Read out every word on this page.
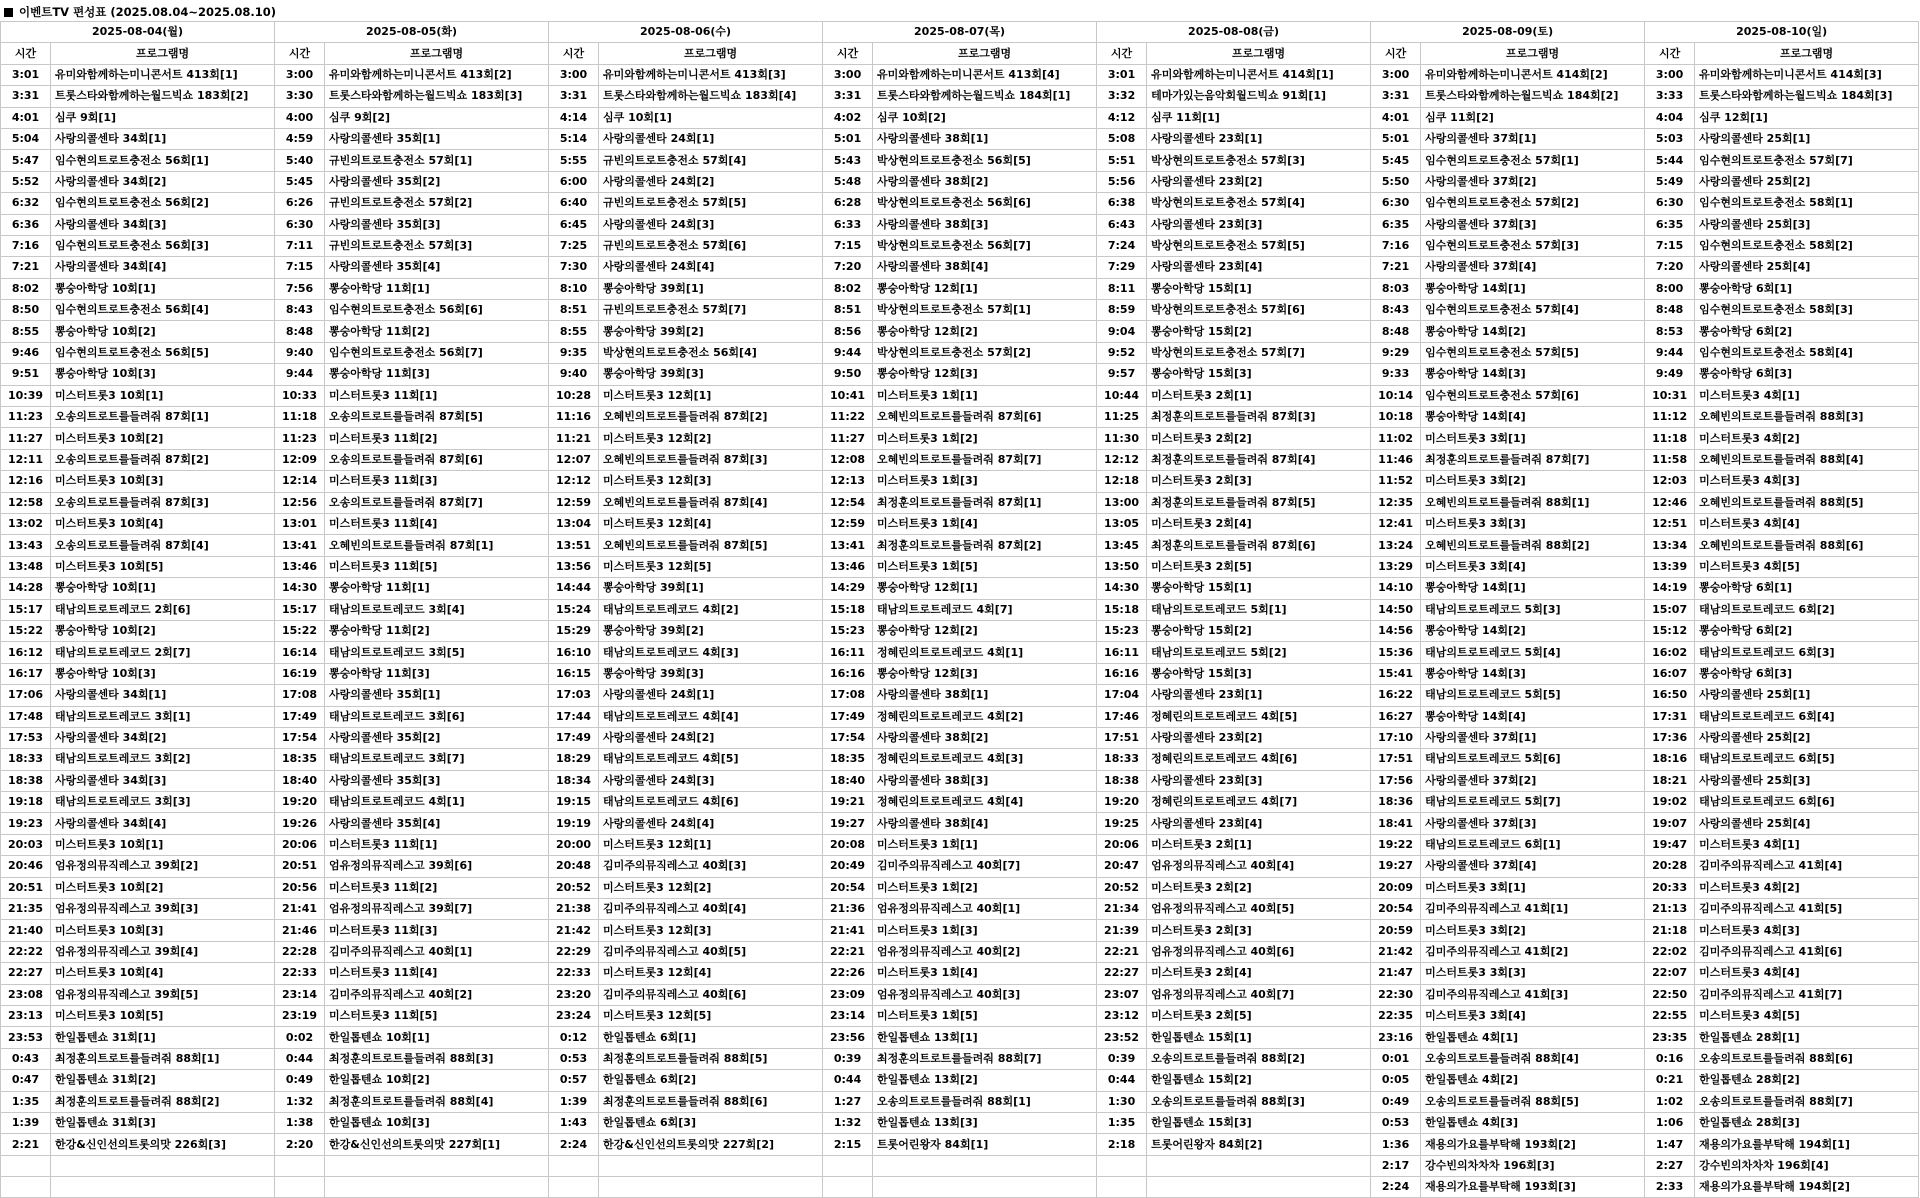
이벤트TV 편성표 (2025.08.04~2025.08.10)
2025-08-04(월)		2025-08-05(화)		2025-08-06(수)		2025-08-07(목)		2025-08-08(금)		2025-08-09(토)		2025-08-10(일)	
시간	프로그램명	시간	프로그램명	시간	프로그램명	시간	프로그램명	시간	프로그램명	시간	프로그램명	시간	프로그램명
3:01	유미와함께하는미니콘서트 413회[1]	3:00	유미와함께하는미니콘서트 413회[2]	3:00	유미와함께하는미니콘서트 413회[3]	3:00	유미와함께하는미니콘서트 413회[4]	3:01	유미와함께하는미니콘서트 414회[1]	3:00	유미와함께하는미니콘서트 414회[2]	3:00	유미와함께하는미니콘서트 414회[3]
3:31	트롯스타와함께하는월드빅쇼 183회[2]	3:30	트롯스타와함께하는월드빅쇼 183회[3]	3:31	트롯스타와함께하는월드빅쇼 183회[4]	3:31	트롯스타와함께하는월드빅쇼 184회[1]	3:32	테마가있는음악회월드빅쇼 91회[1]	3:31	트롯스타와함께하는월드빅쇼 184회[2]	3:33	트롯스타와함께하는월드빅쇼 184회[3]
4:01	심쿠 9회[1]	4:00	심쿠 9회[2]	4:14	심쿠 10회[1]	4:02	심쿠 10회[2]	4:12	심쿠 11회[1]	4:01	심쿠 11회[2]	4:04	심쿠 12회[1]
5:04	사랑의콜센타 34회[1]	4:59	사랑의콜센타 35회[1]	5:14	사랑의콜센타 24회[1]	5:01	사랑의콜센타 38회[1]	5:08	사랑의콜센타 23회[1]	5:01	사랑의콜센타 37회[1]	5:03	사랑의콜센타 25회[1]
5:47	임수현의트로트충전소 56회[1]	5:40	규빈의트로트충전소 57회[1]	5:55	규빈의트로트충전소 57회[4]	5:43	박상현의트로트충전소 56회[5]	5:51	박상현의트로트충전소 57회[3]	5:45	임수현의트로트충전소 57회[1]	5:44	임수현의트로트충전소 57회[7]
5:52	사랑의콜센타 34회[2]	5:45	사랑의콜센타 35회[2]	6:00	사랑의콜센타 24회[2]	5:48	사랑의콜센타 38회[2]	5:56	사랑의콜센타 23회[2]	5:50	사랑의콜센타 37회[2]	5:49	사랑의콜센타 25회[2]
6:32	임수현의트로트충전소 56회[2]	6:26	규빈의트로트충전소 57회[2]	6:40	규빈의트로트충전소 57회[5]	6:28	박상현의트로트충전소 56회[6]	6:38	박상현의트로트충전소 57회[4]	6:30	임수현의트로트충전소 57회[2]	6:30	임수현의트로트충전소 58회[1]
6:36	사랑의콜센타 34회[3]	6:30	사랑의콜센타 35회[3]	6:45	사랑의콜센타 24회[3]	6:33	사랑의콜센타 38회[3]	6:43	사랑의콜센타 23회[3]	6:35	사랑의콜센타 37회[3]	6:35	사랑의콜센타 25회[3]
7:16	임수현의트로트충전소 56회[3]	7:11	규빈의트로트충전소 57회[3]	7:25	규빈의트로트충전소 57회[6]	7:15	박상현의트로트충전소 56회[7]	7:24	박상현의트로트충전소 57회[5]	7:16	임수현의트로트충전소 57회[3]	7:15	임수현의트로트충전소 58회[2]
7:21	사랑의콜센타 34회[4]	7:15	사랑의콜센타 35회[4]	7:30	사랑의콜센타 24회[4]	7:20	사랑의콜센타 38회[4]	7:29	사랑의콜센타 23회[4]	7:21	사랑의콜센타 37회[4]	7:20	사랑의콜센타 25회[4]
8:02	뽕숭아학당 10회[1]	7:56	뽕숭아학당 11회[1]	8:10	뽕숭아학당 39회[1]	8:02	뽕숭아학당 12회[1]	8:11	뽕숭아학당 15회[1]	8:03	뽕숭아학당 14회[1]	8:00	뽕숭아학당 6회[1]
8:50	임수현의트로트충전소 56회[4]	8:43	임수현의트로트충전소 56회[6]	8:51	규빈의트로트충전소 57회[7]	8:51	박상현의트로트충전소 57회[1]	8:59	박상현의트로트충전소 57회[6]	8:43	임수현의트로트충전소 57회[4]	8:48	임수현의트로트충전소 58회[3]
8:55	뽕숭아학당 10회[2]	8:48	뽕숭아학당 11회[2]	8:55	뽕숭아학당 39회[2]	8:56	뽕숭아학당 12회[2]	9:04	뽕숭아학당 15회[2]	8:48	뽕숭아학당 14회[2]	8:53	뽕숭아학당 6회[2]
9:46	임수현의트로트충전소 56회[5]	9:40	임수현의트로트충전소 56회[7]	9:35	박상현의트로트충전소 56회[4]	9:44	박상현의트로트충전소 57회[2]	9:52	박상현의트로트충전소 57회[7]	9:29	임수현의트로트충전소 57회[5]	9:44	임수현의트로트충전소 58회[4]
9:51	뽕숭아학당 10회[3]	9:44	뽕숭아학당 11회[3]	9:40	뽕숭아학당 39회[3]	9:50	뽕숭아학당 12회[3]	9:57	뽕숭아학당 15회[3]	9:33	뽕숭아학당 14회[3]	9:49	뽕숭아학당 6회[3]
10:39	미스터트롯3 10회[1]	10:33	미스터트롯3 11회[1]	10:28	미스터트롯3 12회[1]	10:41	미스터트롯3 1회[1]	10:44	미스터트롯3 2회[1]	10:14	임수현의트로트충전소 57회[6]	10:31	미스터트롯3 4회[1]
11:23	오송의트로트를들려줘 87회[1]	11:18	오송의트로트를들려줘 87회[5]	11:16	오혜빈의트로트를들려줘 87회[2]	11:22	오혜빈의트로트를들려줘 87회[6]	11:25	최정훈의트로트를들려줘 87회[3]	10:18	뽕숭아학당 14회[4]	11:12	오혜빈의트로트를들려줘 88회[3]
11:27	미스터트롯3 10회[2]	11:23	미스터트롯3 11회[2]	11:21	미스터트롯3 12회[2]	11:27	미스터트롯3 1회[2]	11:30	미스터트롯3 2회[2]	11:02	미스터트롯3 3회[1]	11:18	미스터트롯3 4회[2]
12:11	오송의트로트를들려줘 87회[2]	12:09	오송의트로트를들려줘 87회[6]	12:07	오혜빈의트로트를들려줘 87회[3]	12:08	오혜빈의트로트를들려줘 87회[7]	12:12	최정훈의트로트를들려줘 87회[4]	11:46	최정훈의트로트를들려줘 87회[7]	11:58	오혜빈의트로트를들려줘 88회[4]
12:16	미스터트롯3 10회[3]	12:14	미스터트롯3 11회[3]	12:12	미스터트롯3 12회[3]	12:13	미스터트롯3 1회[3]	12:18	미스터트롯3 2회[3]	11:52	미스터트롯3 3회[2]	12:03	미스터트롯3 4회[3]
12:58	오송의트로트를들려줘 87회[3]	12:56	오송의트로트를들려줘 87회[7]	12:59	오혜빈의트로트를들려줘 87회[4]	12:54	최정훈의트로트를들려줘 87회[1]	13:00	최정훈의트로트를들려줘 87회[5]	12:35	오혜빈의트로트를들려줘 88회[1]	12:46	오혜빈의트로트를들려줘 88회[5]
13:02	미스터트롯3 10회[4]	13:01	미스터트롯3 11회[4]	13:04	미스터트롯3 12회[4]	12:59	미스터트롯3 1회[4]	13:05	미스터트롯3 2회[4]	12:41	미스터트롯3 3회[3]	12:51	미스터트롯3 4회[4]
13:43	오송의트로트를들려줘 87회[4]	13:41	오혜빈의트로트를들려줘 87회[1]	13:51	오혜빈의트로트를들려줘 87회[5]	13:41	최정훈의트로트를들려줘 87회[2]	13:45	최정훈의트로트를들려줘 87회[6]	13:24	오혜빈의트로트를들려줘 88회[2]	13:34	오혜빈의트로트를들려줘 88회[6]
13:48	미스터트롯3 10회[5]	13:46	미스터트롯3 11회[5]	13:56	미스터트롯3 12회[5]	13:46	미스터트롯3 1회[5]	13:50	미스터트롯3 2회[5]	13:29	미스터트롯3 3회[4]	13:39	미스터트롯3 4회[5]
14:28	뽕숭아학당 10회[1]	14:30	뽕숭아학당 11회[1]	14:44	뽕숭아학당 39회[1]	14:29	뽕숭아학당 12회[1]	14:30	뽕숭아학당 15회[1]	14:10	뽕숭아학당 14회[1]	14:19	뽕숭아학당 6회[1]
15:17	태남의트로트레코드 2회[6]	15:17	태남의트로트레코드 3회[4]	15:24	태남의트로트레코드 4회[2]	15:18	태남의트로트레코드 4회[7]	15:18	태남의트로트레코드 5회[1]	14:50	태남의트로트레코드 5회[3]	15:07	태남의트로트레코드 6회[2]
15:22	뽕숭아학당 10회[2]	15:22	뽕숭아학당 11회[2]	15:29	뽕숭아학당 39회[2]	15:23	뽕숭아학당 12회[2]	15:23	뽕숭아학당 15회[2]	14:56	뽕숭아학당 14회[2]	15:12	뽕숭아학당 6회[2]
16:12	태남의트로트레코드 2회[7]	16:14	태남의트로트레코드 3회[5]	16:10	태남의트로트레코드 4회[3]	16:11	정혜린의트로트레코드 4회[1]	16:11	태남의트로트레코드 5회[2]	15:36	태남의트로트레코드 5회[4]	16:02	태남의트로트레코드 6회[3]
16:17	뽕숭아학당 10회[3]	16:19	뽕숭아학당 11회[3]	16:15	뽕숭아학당 39회[3]	16:16	뽕숭아학당 12회[3]	16:16	뽕숭아학당 15회[3]	15:41	뽕숭아학당 14회[3]	16:07	뽕숭아학당 6회[3]
17:06	사랑의콜센타 34회[1]	17:08	사랑의콜센타 35회[1]	17:03	사랑의콜센타 24회[1]	17:08	사랑의콜센타 38회[1]	17:04	사랑의콜센타 23회[1]	16:22	태남의트로트레코드 5회[5]	16:50	사랑의콜센타 25회[1]
17:48	태남의트로트레코드 3회[1]	17:49	태남의트로트레코드 3회[6]	17:44	태남의트로트레코드 4회[4]	17:49	정혜린의트로트레코드 4회[2]	17:46	정혜린의트로트레코드 4회[5]	16:27	뽕숭아학당 14회[4]	17:31	태남의트로트레코드 6회[4]
17:53	사랑의콜센타 34회[2]	17:54	사랑의콜센타 35회[2]	17:49	사랑의콜센타 24회[2]	17:54	사랑의콜센타 38회[2]	17:51	사랑의콜센타 23회[2]	17:10	사랑의콜센타 37회[1]	17:36	사랑의콜센타 25회[2]
18:33	태남의트로트레코드 3회[2]	18:35	태남의트로트레코드 3회[7]	18:29	태남의트로트레코드 4회[5]	18:35	정혜린의트로트레코드 4회[3]	18:33	정혜린의트로트레코드 4회[6]	17:51	태남의트로트레코드 5회[6]	18:16	태남의트로트레코드 6회[5]
18:38	사랑의콜센타 34회[3]	18:40	사랑의콜센타 35회[3]	18:34	사랑의콜센타 24회[3]	18:40	사랑의콜센타 38회[3]	18:38	사랑의콜센타 23회[3]	17:56	사랑의콜센타 37회[2]	18:21	사랑의콜센타 25회[3]
19:18	태남의트로트레코드 3회[3]	19:20	태남의트로트레코드 4회[1]	19:15	태남의트로트레코드 4회[6]	19:21	정혜린의트로트레코드 4회[4]	19:20	정혜린의트로트레코드 4회[7]	18:36	태남의트로트레코드 5회[7]	19:02	태남의트로트레코드 6회[6]
19:23	사랑의콜센타 34회[4]	19:26	사랑의콜센타 35회[4]	19:19	사랑의콜센타 24회[4]	19:27	사랑의콜센타 38회[4]	19:25	사랑의콜센타 23회[4]	18:41	사랑의콜센타 37회[3]	19:07	사랑의콜센타 25회[4]
20:03	미스터트롯3 10회[1]	20:06	미스터트롯3 11회[1]	20:00	미스터트롯3 12회[1]	20:08	미스터트롯3 1회[1]	20:06	미스터트롯3 2회[1]	19:22	태남의트로트레코드 6회[1]	19:47	미스터트롯3 4회[1]
20:46	엄유정의뮤직레스고 39회[2]	20:51	엄유정의뮤직레스고 39회[6]	20:48	김미주의뮤직레스고 40회[3]	20:49	김미주의뮤직레스고 40회[7]	20:47	엄유정의뮤직레스고 40회[4]	19:27	사랑의콜센타 37회[4]	20:28	김미주의뮤직레스고 41회[4]
20:51	미스터트롯3 10회[2]	20:56	미스터트롯3 11회[2]	20:52	미스터트롯3 12회[2]	20:54	미스터트롯3 1회[2]	20:52	미스터트롯3 2회[2]	20:09	미스터트롯3 3회[1]	20:33	미스터트롯3 4회[2]
21:35	엄유정의뮤직레스고 39회[3]	21:41	엄유정의뮤직레스고 39회[7]	21:38	김미주의뮤직레스고 40회[4]	21:36	엄유정의뮤직레스고 40회[1]	21:34	엄유정의뮤직레스고 40회[5]	20:54	김미주의뮤직레스고 41회[1]	21:13	김미주의뮤직레스고 41회[5]
21:40	미스터트롯3 10회[3]	21:46	미스터트롯3 11회[3]	21:42	미스터트롯3 12회[3]	21:41	미스터트롯3 1회[3]	21:39	미스터트롯3 2회[3]	20:59	미스터트롯3 3회[2]	21:18	미스터트롯3 4회[3]
22:22	엄유정의뮤직레스고 39회[4]	22:28	김미주의뮤직레스고 40회[1]	22:29	김미주의뮤직레스고 40회[5]	22:21	엄유정의뮤직레스고 40회[2]	22:21	엄유정의뮤직레스고 40회[6]	21:42	김미주의뮤직레스고 41회[2]	22:02	김미주의뮤직레스고 41회[6]
22:27	미스터트롯3 10회[4]	22:33	미스터트롯3 11회[4]	22:33	미스터트롯3 12회[4]	22:26	미스터트롯3 1회[4]	22:27	미스터트롯3 2회[4]	21:47	미스터트롯3 3회[3]	22:07	미스터트롯3 4회[4]
23:08	엄유정의뮤직레스고 39회[5]	23:14	김미주의뮤직레스고 40회[2]	23:20	김미주의뮤직레스고 40회[6]	23:09	엄유정의뮤직레스고 40회[3]	23:07	엄유정의뮤직레스고 40회[7]	22:30	김미주의뮤직레스고 41회[3]	22:50	김미주의뮤직레스고 41회[7]
23:13	미스터트롯3 10회[5]	23:19	미스터트롯3 11회[5]	23:24	미스터트롯3 12회[5]	23:14	미스터트롯3 1회[5]	23:12	미스터트롯3 2회[5]	22:35	미스터트롯3 3회[4]	22:55	미스터트롯3 4회[5]
23:53	한일톱텐쇼 31회[1]	0:02	한일톱텐쇼 10회[1]	0:12	한일톱텐쇼 6회[1]	23:56	한일톱텐쇼 13회[1]	23:52	한일톱텐쇼 15회[1]	23:16	한일톱텐쇼 4회[1]	23:35	한일톱텐쇼 28회[1]
0:43	최정훈의트로트를들려줘 88회[1]	0:44	최정훈의트로트를들려줘 88회[3]	0:53	최정훈의트로트를들려줘 88회[5]	0:39	최정훈의트로트를들려줘 88회[7]	0:39	오송의트로트를들려줘 88회[2]	0:01	오송의트로트를들려줘 88회[4]	0:16	오송의트로트를들려줘 88회[6]
0:47	한일톱텐쇼 31회[2]	0:49	한일톱텐쇼 10회[2]	0:57	한일톱텐쇼 6회[2]	0:44	한일톱텐쇼 13회[2]	0:44	한일톱텐쇼 15회[2]	0:05	한일톱텐쇼 4회[2]	0:21	한일톱텐쇼 28회[2]
1:35	최정훈의트로트를들려줘 88회[2]	1:32	최정훈의트로트를들려줘 88회[4]	1:39	최정훈의트로트를들려줘 88회[6]	1:27	오송의트로트를들려줘 88회[1]	1:30	오송의트로트를들려줘 88회[3]	0:49	오송의트로트를들려줘 88회[5]	1:02	오송의트로트를들려줘 88회[7]
1:39	한일톱텐쇼 31회[3]	1:38	한일톱텐쇼 10회[3]	1:43	한일톱텐쇼 6회[3]	1:32	한일톱텐쇼 13회[3]	1:35	한일톱텐쇼 15회[3]	0:53	한일톱텐쇼 4회[3]	1:06	한일톱텐쇼 28회[3]
2:21	한강&신인선의트롯의맛 226회[3]	2:20	한강&신인선의트롯의맛 227회[1]	2:24	한강&신인선의트롯의맛 227회[2]	2:15	트롯어린왕자 84회[1]	2:18	트롯어린왕자 84회[2]	1:36	재용의가요를부탁해 193회[2]	1:47	재용의가요를부탁해 194회[1]
										2:17	강수빈의차차차 196회[3]	2:27	강수빈의차차차 196회[4]
										2:24	재용의가요를부탁해 193회[3]	2:33	재용의가요를부탁해 194회[2]
